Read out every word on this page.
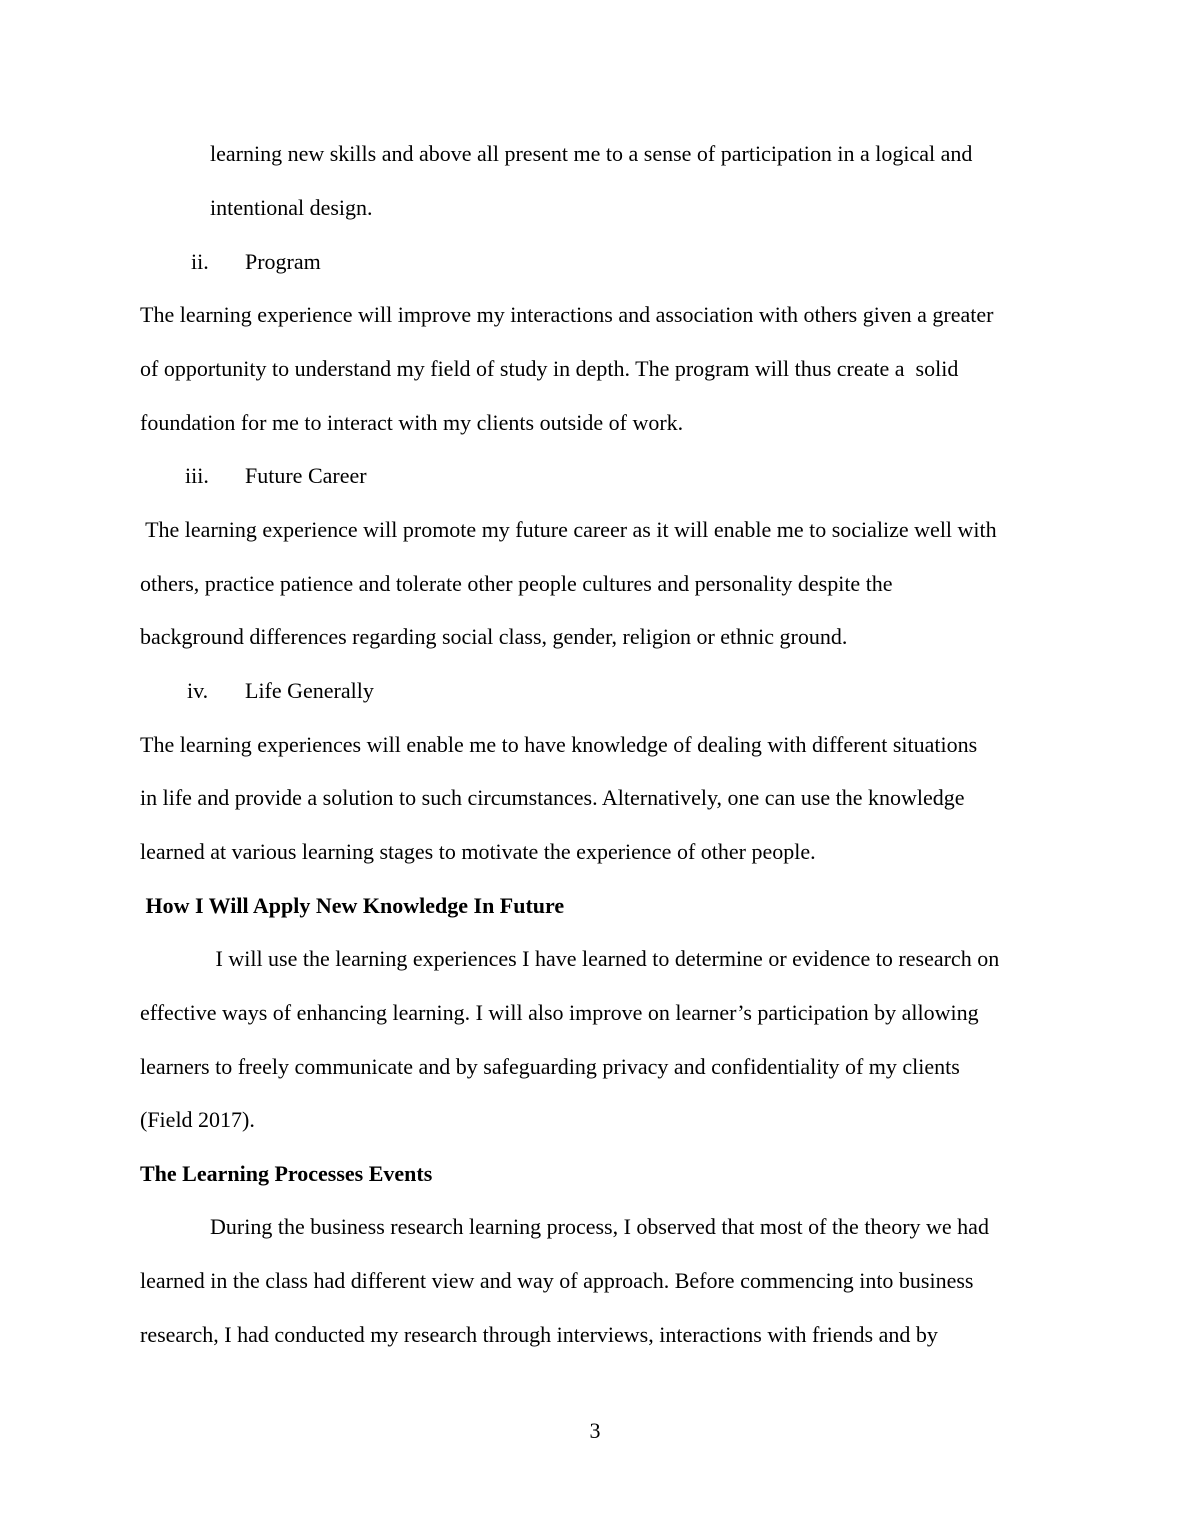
learning new skills and above all present me to a sense of participation in a logical and
intentional design.
ii. Program
The learning experience will improve my interactions and association with others given a greater
of opportunity to understand my field of study in depth. The program will thus create a  solid
foundation for me to interact with my clients outside of work.
iii. Future Career
The learning experience will promote my future career as it will enable me to socialize well with
others, practice patience and tolerate other people cultures and personality despite the
background differences regarding social class, gender, religion or ethnic ground.
iv. Life Generally
The learning experiences will enable me to have knowledge of dealing with different situations
in life and provide a solution to such circumstances. Alternatively, one can use the knowledge
learned at various learning stages to motivate the experience of other people.
How I Will Apply New Knowledge In Future
I will use the learning experiences I have learned to determine or evidence to research on
effective ways of enhancing learning. I will also improve on learner’s participation by allowing
learners to freely communicate and by safeguarding privacy and confidentiality of my clients
(Field 2017).
The Learning Processes Events
During the business research learning process, I observed that most of the theory we had
learned in the class had different view and way of approach. Before commencing into business
research, I had conducted my research through interviews, interactions with friends and by
3
